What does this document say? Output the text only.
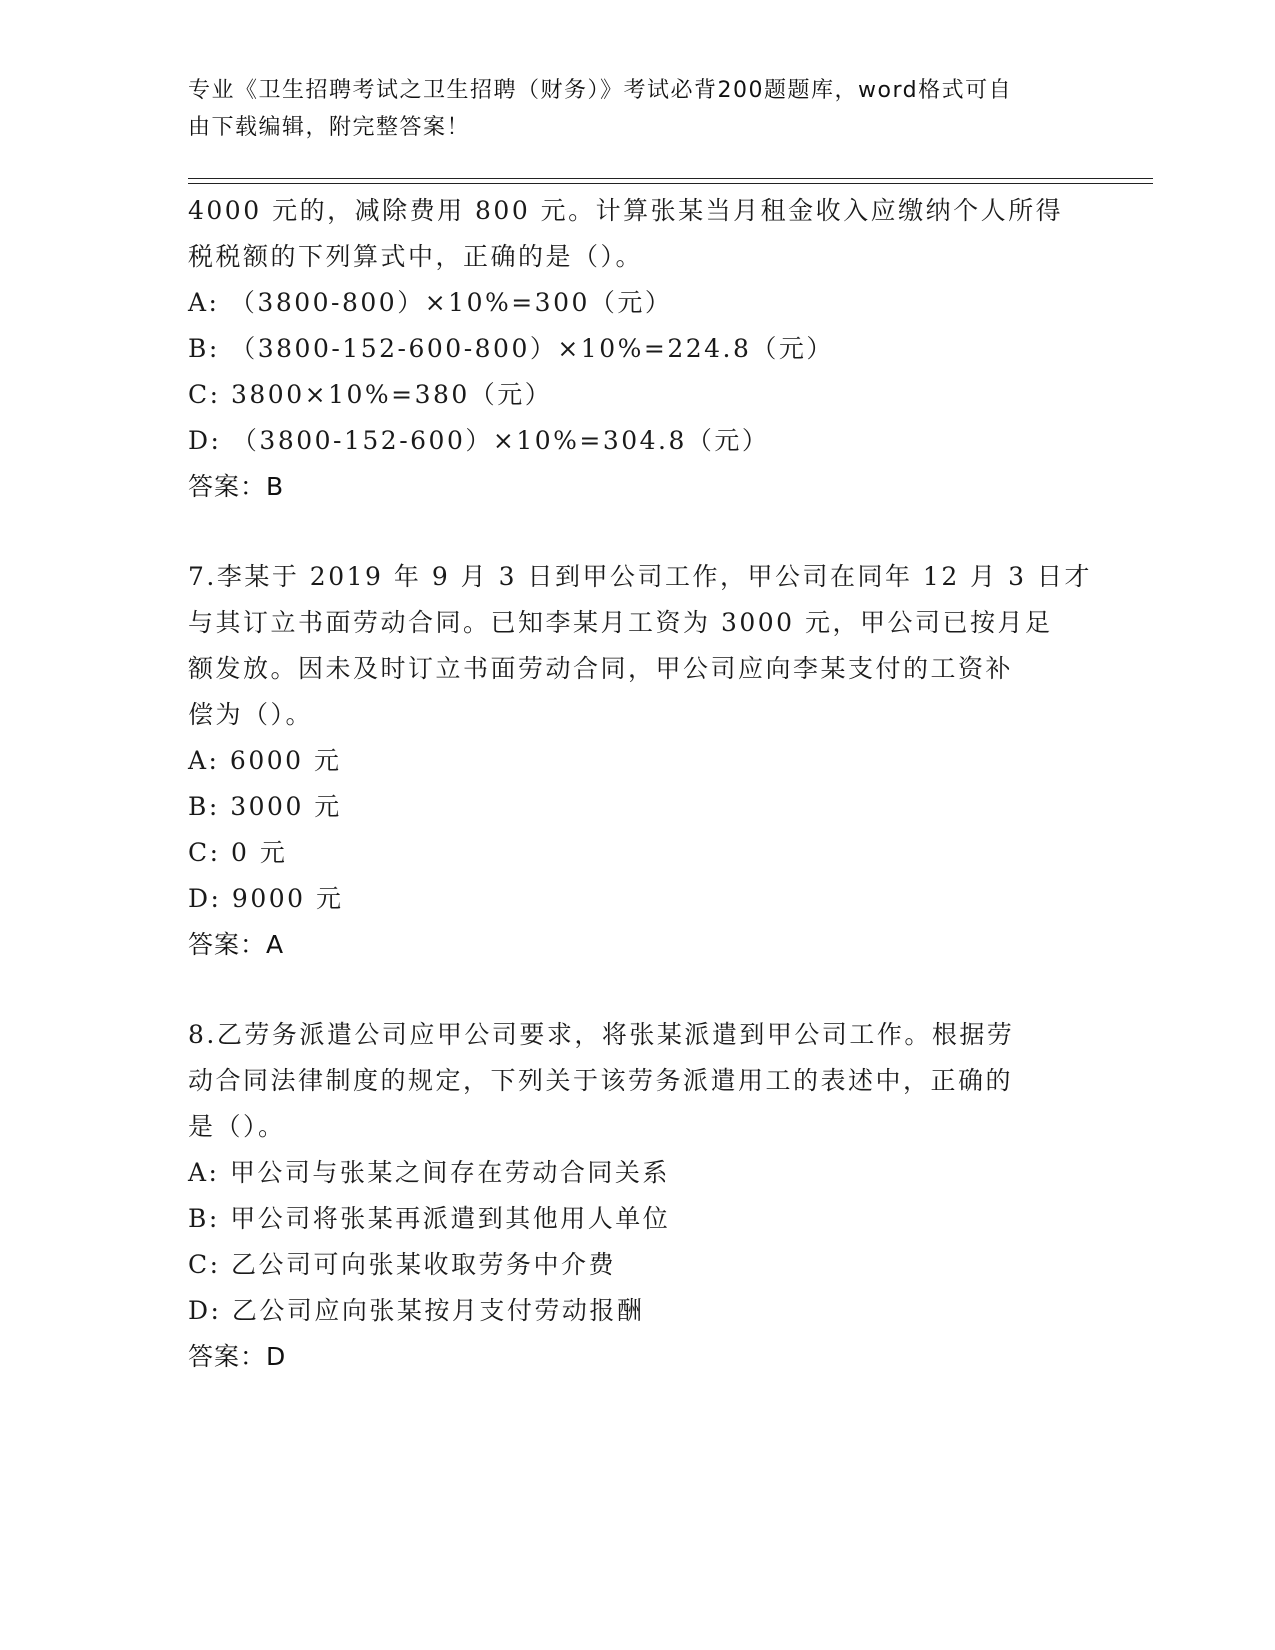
专业《卫生招聘考试之卫生招聘（财务）》考试必背200题题库，word格式可自
由下载编辑，附完整答案！
4000 元的，减除费用 800 元。计算张某当月租金收入应缴纳个人所得
税税额的下列算式中，正确的是（）。
A: （3800-800）×10%=300（元）
B: （3800-152-600-800）×10%=224.8（元）
C: 3800×10%=380（元）
D: （3800-152-600）×10%=304.8（元）
答案：B
7.李某于 2019 年 9 月 3 日到甲公司工作，甲公司在同年 12 月 3 日才
与其订立书面劳动合同。已知李某月工资为 3000 元，甲公司已按月足
额发放。因未及时订立书面劳动合同，甲公司应向李某支付的工资补
偿为（）。
A: 6000 元
B: 3000 元
C: 0 元
D: 9000 元
答案：A
8.乙劳务派遣公司应甲公司要求，将张某派遣到甲公司工作。根据劳
动合同法律制度的规定，下列关于该劳务派遣用工的表述中，正确的
是（）。
A: 甲公司与张某之间存在劳动合同关系
B: 甲公司将张某再派遣到其他用人单位
C: 乙公司可向张某收取劳务中介费
D: 乙公司应向张某按月支付劳动报酬
答案：D
